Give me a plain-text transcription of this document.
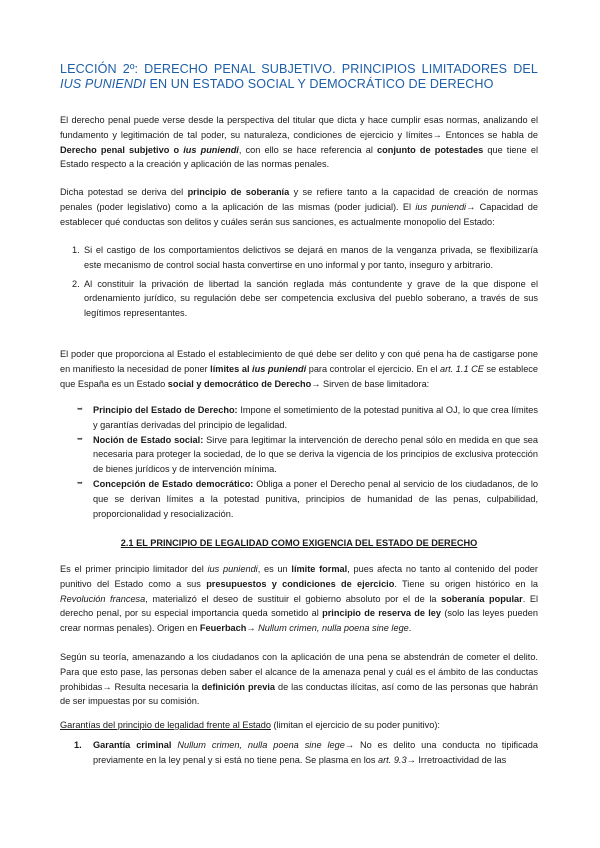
LECCIÓN 2º: DERECHO PENAL SUBJETIVO. PRINCIPIOS LIMITADORES DEL IUS PUNIENDI EN UN ESTADO SOCIAL Y DEMOCRÁTICO DE DERECHO

El derecho penal puede verse desde la perspectiva del titular que dicta y hace cumplir esas normas, analizando el fundamento y legitimación de tal poder, su naturaleza, condiciones de ejercicio y límites→ Entonces se habla de Derecho penal subjetivo o ius puniendi, con ello se hace referencia al conjunto de potestades que tiene el Estado respecto a la creación y aplicación de las normas penales.

Dicha potestad se deriva del principio de soberanía y se refiere tanto a la capacidad de creación de normas penales (poder legislativo) como a la aplicación de las mismas (poder judicial). El ius puniendi→ Capacidad de establecer qué conductas son delitos y cuáles serán sus sanciones, es actualmente monopolio del Estado:

1. Si el castigo de los comportamientos delictivos se dejará en manos de la venganza privada, se flexibilizaría este mecanismo de control social hasta convertirse en uno informal y por tanto, inseguro y arbitrario.
2. Al constituir la privación de libertad la sanción reglada más contundente y grave de la que dispone el ordenamiento jurídico, su regulación debe ser competencia exclusiva del pueblo soberano, a través de sus legítimos representantes.

El poder que proporciona al Estado el establecimiento de qué debe ser delito y con qué pena ha de castigarse pone en manifiesto la necesidad de poner límites al ius puniendi para controlar el ejercicio. En el art. 1.1 CE se establece que España es un Estado social y democrático de Derecho→ Sirven de base limitadora:

➥ Principio del Estado de Derecho: Impone el sometimiento de la potestad punitiva al OJ, lo que crea límites y garantías derivadas del principio de legalidad.
➥ Noción de Estado social: Sirve para legitimar la intervención de derecho penal sólo en medida en que sea necesaria para proteger la sociedad, de lo que se deriva la vigencia de los principios de exclusiva protección de bienes jurídicos y de intervención mínima.
➥ Concepción de Estado democrático: Obliga a poner el Derecho penal al servicio de los ciudadanos, de lo que se derivan límites a la potestad punitiva, principios de humanidad de las penas, culpabilidad, proporcionalidad y resocialización.
2.1 EL PRINCIPIO DE LEGALIDAD COMO EXIGENCIA DEL ESTADO DE DERECHO

Es el primer principio limitador del ius puniendi, es un límite formal, pues afecta no tanto al contenido del poder punitivo del Estado como a sus presupuestos y condiciones de ejercicio. Tiene su origen histórico en la Revolución francesa, materializó el deseo de sustituir el gobierno absoluto por el de la soberanía popular. El derecho penal, por su especial importancia queda sometido al principio de reserva de ley (solo las leyes pueden crear normas penales). Origen en Feuerbach→ Nullum crimen, nulla poena sine lege.

Según su teoría, amenazando a los ciudadanos con la aplicación de una pena se abstendrán de cometer el delito. Para que esto pase, las personas deben saber el alcance de la amenaza penal y cuál es el ámbito de las conductas prohibidas→ Resulta necesaria la definición previa de las conductas ilícitas, así como de las personas que habrán de ser impuestas por su comisión.

Garantías del principio de legalidad frente al Estado (limitan el ejercicio de su poder punitivo):
1. Garantía criminal Nullum crimen, nulla poena sine lege→ No es delito una conducta no tipificada previamente en la ley penal y si está no tiene pena. Se plasma en los art. 9.3→ Irretroactividad de las
